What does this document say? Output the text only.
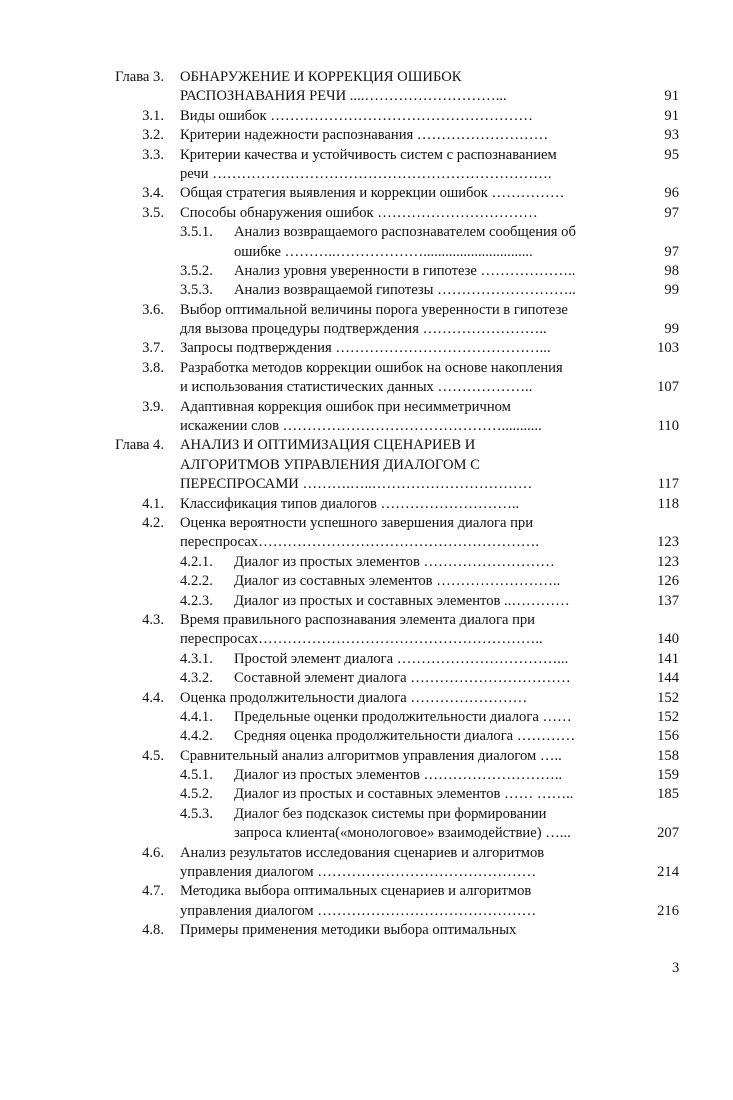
Глава 3. ОБНАРУЖЕНИЕ И КОРРЕКЦИЯ ОШИБОК
РАСПОЗНАВАНИЯ РЕЧИ ....………………………...	91
3.1. Виды ошибок ………………………………………………	91
3.2. Критерии надежности распознавания ………………………	93
3.3. Критерии качества и устойчивость систем с распознаванием	95
речи …………………………………………………………….
3.4. Общая стратегия выявления и коррекции ошибок ……………	96
3.5. Способы обнаружения ошибок ……………………………	97
3.5.1.	Анализ возвращаемого распознавателем сообщения об
ошибке ………..………………..............................	97
3.5.2.	Анализ уровня уверенности в гипотезе ………………..	98
3.5.3.	Анализ возвращаемой гипотезы ………………………..	99
3.6. Выбор оптимальной величины порога уверенности в гипотезе
для вызова процедуры подтверждения ……………………..	99
3.7. Запросы подтверждения ……………………………………...	103
3.8. Разработка методов коррекции ошибок на основе накопления
и использования статистических данных ………………..	107
3.9. Адаптивная коррекция ошибок при несимметричном
искажении слов ………………………………………...........	110
Глава 4. АНАЛИЗ И ОПТИМИЗАЦИЯ СЦЕНАРИЕВ И
АЛГОРИТМОВ УПРАВЛЕНИЯ ДИАЛОГОМ С
ПЕРЕСПРОСАМИ ……….…..……………………………	117
4.1. Классификация типов диалогов ………………………..	118
4.2. Оценка вероятности успешного завершения диалога при
переспросах………………………………………………….	123
4.2.1.	Диалог из простых элементов ………………………	123
4.2.2.	Диалог из составных элементов ……………………..	126
4.2.3.	Диалог из простых и составных элементов ..…………	137
4.3. Время правильного распознавания элемента диалога при
переспросах…………………………………………………..	140
4.3.1.	Простой элемент диалога ……………………………...	141
4.3.2.	Составной элемент диалога ……………………………	144
4.4. Оценка продолжительности диалога ……………………	152
4.4.1.	Предельные оценки продолжительности диалога ……	152
4.4.2.	Средняя оценка продолжительности диалога …………	156
4.5. Сравнительный анализ алгоритмов управления диалогом …..	158
4.5.1.	Диалог из простых элементов ………………………..	159
4.5.2.	Диалог из простых и составных элементов …… ……..	185
4.5.3.	Диалог без подсказок системы при формировании
запроса клиента(«монологовое» взаимодействие) …...	207
4.6. Анализ результатов исследования сценариев и алгоритмов
управления диалогом ………………………………………	214
4.7. Методика выбора оптимальных сценариев и алгоритмов
управления диалогом ………………………………………	216
4.8. Примеры применения методики выбора оптимальных
3
